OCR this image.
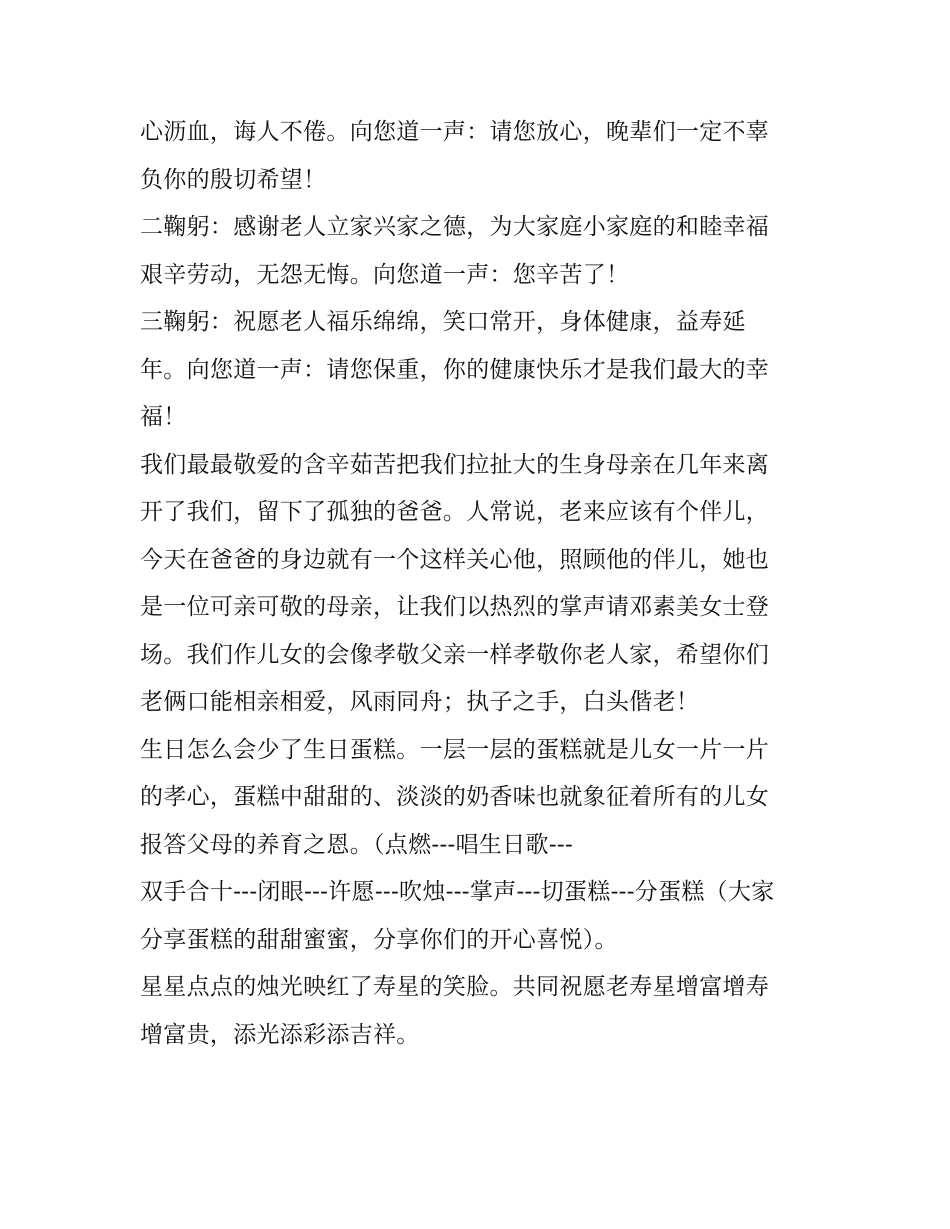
心沥血，诲人不倦。向您道一声：请您放心，晚辈们一定不辜
负你的殷切希望！
二鞠躬：感谢老人立家兴家之德，为大家庭小家庭的和睦幸福
艰辛劳动，无怨无悔。向您道一声：您辛苦了！
三鞠躬：祝愿老人福乐绵绵，笑口常开，身体健康，益寿延
年。向您道一声：请您保重，你的健康快乐才是我们最大的幸
福！
我们最最敬爱的含辛茹苦把我们拉扯大的生身母亲在几年来离
开了我们，留下了孤独的爸爸。人常说，老来应该有个伴儿，
今天在爸爸的身边就有一个这样关心他，照顾他的伴儿，她也
是一位可亲可敬的母亲，让我们以热烈的掌声请邓素美女士登
场。我们作儿女的会像孝敬父亲一样孝敬你老人家，希望你们
老俩口能相亲相爱，风雨同舟；执子之手，白头偕老！
生日怎么会少了生日蛋糕。一层一层的蛋糕就是儿女一片一片
的孝心，蛋糕中甜甜的、淡淡的奶香味也就象征着所有的儿女
报答父母的养育之恩。（点燃---唱生日歌---
双手合十---闭眼---许愿---吹烛---掌声---切蛋糕---分蛋糕（大家
分享蛋糕的甜甜蜜蜜，分享你们的开心喜悦）。
星星点点的烛光映红了寿星的笑脸。共同祝愿老寿星增富增寿
增富贵，添光添彩添吉祥。
